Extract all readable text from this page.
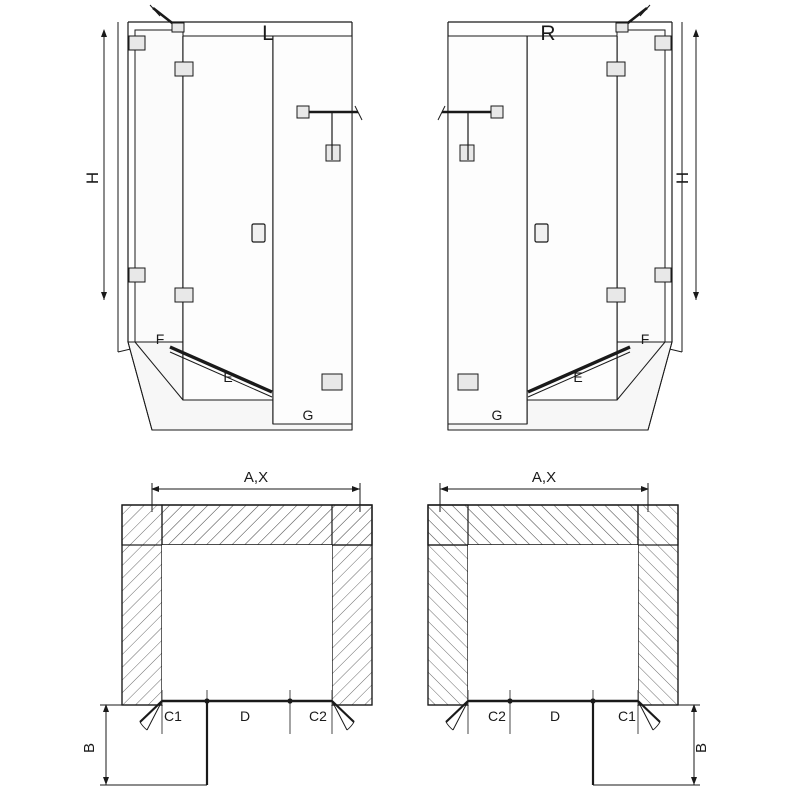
H
L
F
E
G
H
R
F
E
G
A,X
C1	D	C2
B
A,X
B
C2	D	C1
